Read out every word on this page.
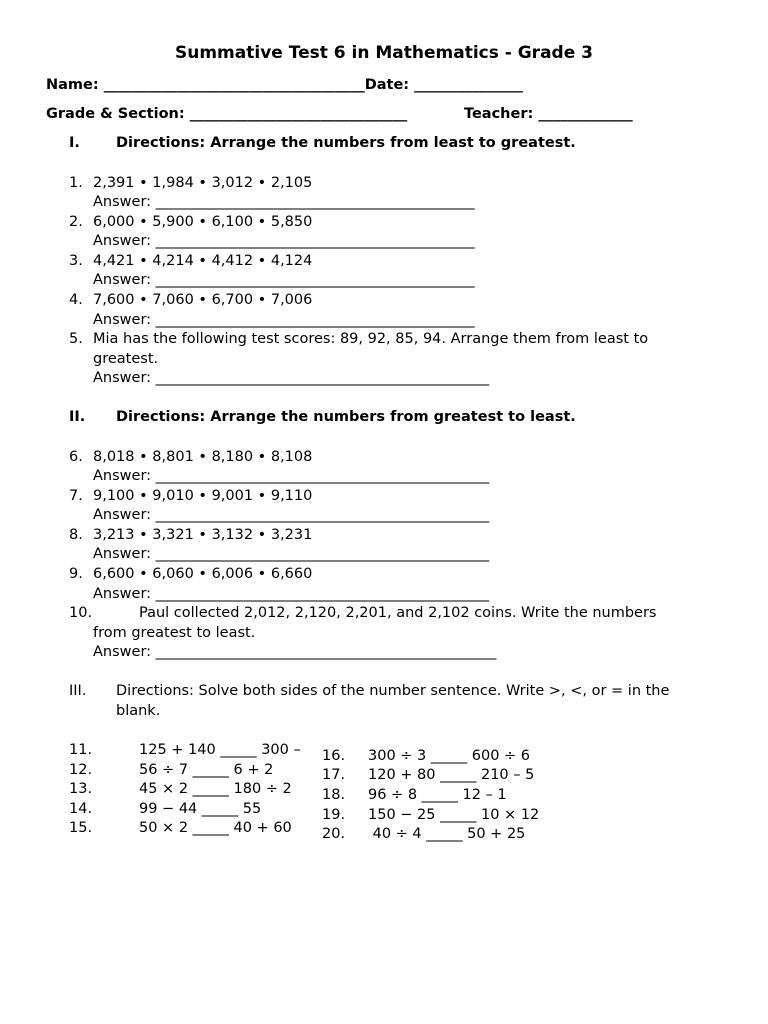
Summative Test 6 in Mathematics - Grade 3
Name: ____________________________________Date: _______________
Grade & Section: ______________________________	Teacher: _____________
I. Directions: Arrange the numbers from least to greatest.
1. 2,391 • 1,984 • 3,012 • 2,105
Answer: ____________________________________________
2. 6,000 • 5,900 • 6,100 • 5,850
Answer: ____________________________________________
3. 4,421 • 4,214 • 4,412 • 4,124
Answer: ____________________________________________
4. 7,600 • 7,060 • 6,700 • 7,006
Answer: ____________________________________________
5. Mia has the following test scores: 89, 92, 85, 94. Arrange them from least to
greatest.
Answer: ______________________________________________
II. Directions: Arrange the numbers from greatest to least.
6. 8,018 • 8,801 • 8,180 • 8,108
Answer: ______________________________________________
7. 9,100 • 9,010 • 9,001 • 9,110
Answer: ______________________________________________
8. 3,213 • 3,321 • 3,132 • 3,231
Answer: ______________________________________________
9. 6,600 • 6,060 • 6,006 • 6,660
Answer: ______________________________________________
10.	Paul collected 2,012, 2,120, 2,201, and 2,102 coins. Write the numbers
from greatest to least.
Answer: _______________________________________________
III. Directions: Solve both sides of the number sentence. Write >, <, or = in the
blank.
11.	125 + 140 _____ 300 –
12.	56 ÷ 7 _____ 6 + 2
13.	45 × 2 _____ 180 ÷ 2
14.	99 − 44 _____ 55
15.	50 × 2 _____ 40 + 60
16. 300 ÷ 3 _____ 600 ÷ 6
17. 120 + 80 _____ 210 – 5
18. 96 ÷ 8 _____ 12 – 1
19. 150 − 25 _____ 10 × 12
20. 40 ÷ 4 _____ 50 + 25
